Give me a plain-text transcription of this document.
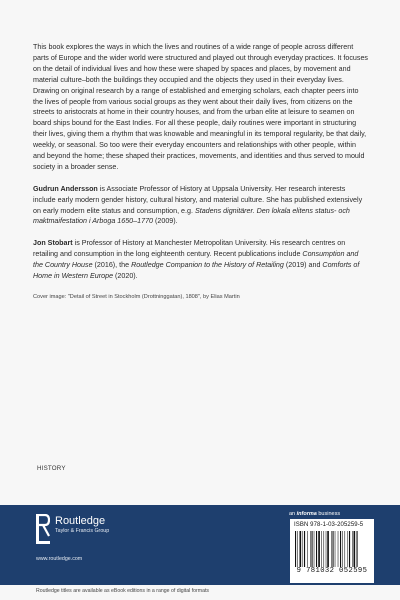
This book explores the ways in which the lives and routines of a wide range of people across different parts of Europe and the wider world were structured and played out through everyday practices. It focuses on the detail of individual lives and how these were shaped by spaces and places, by movement and material culture–both the buildings they occupied and the objects they used in their everyday lives. Drawing on original research by a range of established and emerging scholars, each chapter peers into the lives of people from various social groups as they went about their daily lives, from citizens on the streets to aristocrats at home in their country houses, and from the urban elite at leisure to seamen on board ships bound for the East Indies. For all these people, daily routines were important in structuring their lives, giving them a rhythm that was knowable and meaningful in its temporal regularity, be that daily, weekly, or seasonal. So too were their everyday encounters and relationships with other people, within and beyond the home; these shaped their practices, movements, and identities and thus served to mould society in a broader sense.

Gudrun Andersson is Associate Professor of History at Uppsala University. Her research interests include early modern gender history, cultural history, and material culture. She has published extensively on early modern elite status and consumption, e.g. Stadens dignitärer. Den lokala elitens status- och maktmaifestation i Arboga 1650–1770 (2009).

Jon Stobart is Professor of History at Manchester Metropolitan University. His research centres on retailing and consumption in the long eighteenth century. Recent publications include Consumption and the Country House (2016), the Routledge Companion to the History of Retailing (2019) and Comforts of Home in Western Europe (2020).

Cover image: "Detail of Street in Stockholm (Drottninggatan), 1808", by Elias Martin

HISTORY
Routledge
Taylor & Francis Group
www.routledge.com
an informa business
ISBN 978-1-03-205259-5
9 781032 052595
Routledge titles are available as eBook editions in a range of digital formats
